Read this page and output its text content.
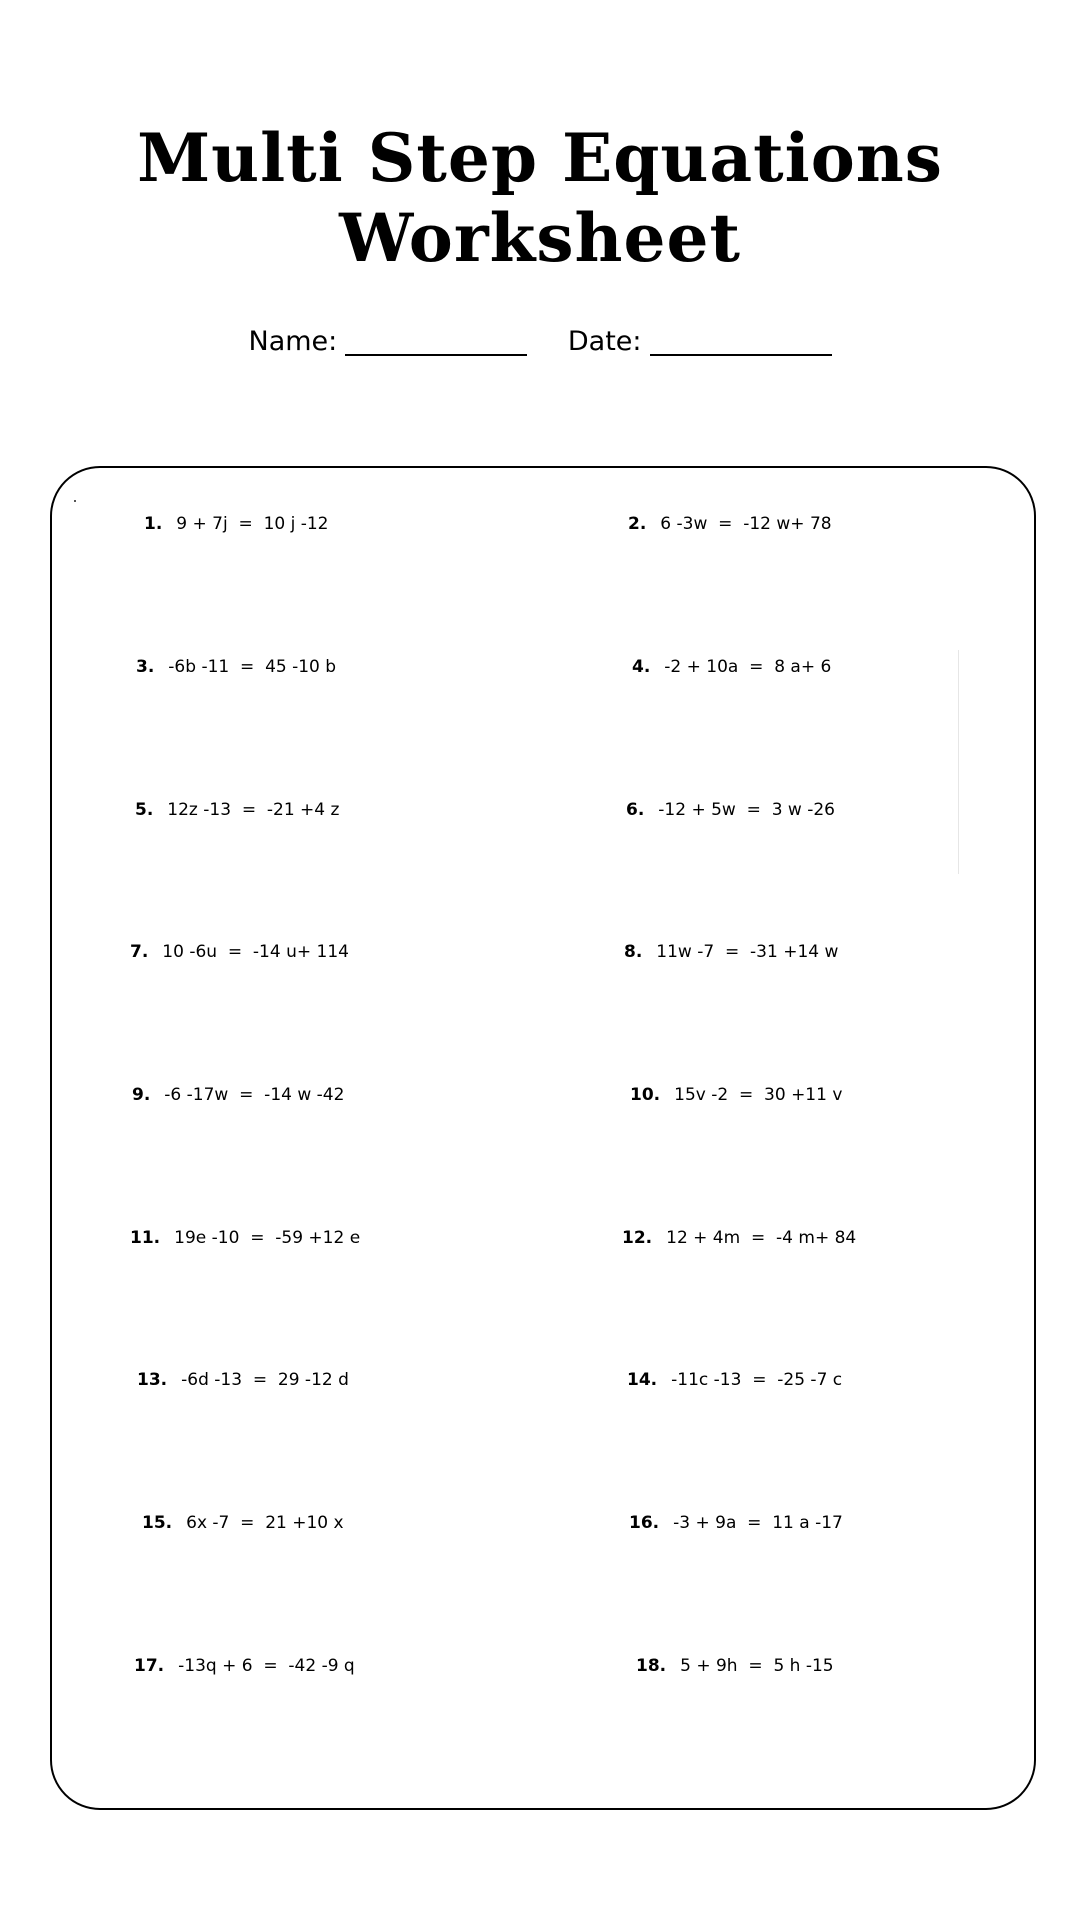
Multi Step Equations
Worksheet
Name:	Date:
1. 9 + 7j  =  10 j -12
3. -6b -11  =  45 -10 b
5. 12z -13  =  -21 +4 z
7. 10 -6u  =  -14 u+ 114
9. -6 -17w  =  -14 w -42
11. 19e -10  =  -59 +12 e
13. -6d -13  =  29 -12 d
15. 6x -7  =  21 +10 x
17. -13q + 6  =  -42 -9 q
2. 6 -3w  =  -12 w+ 78
4. -2 + 10a  =  8 a+ 6
6. -12 + 5w  =  3 w -26
8. 11w -7  =  -31 +14 w
10. 15v -2  =  30 +11 v
12. 12 + 4m  =  -4 m+ 84
14. -11c -13  =  -25 -7 c
16. -3 + 9a  =  11 a -17
18. 5 + 9h  =  5 h -15
